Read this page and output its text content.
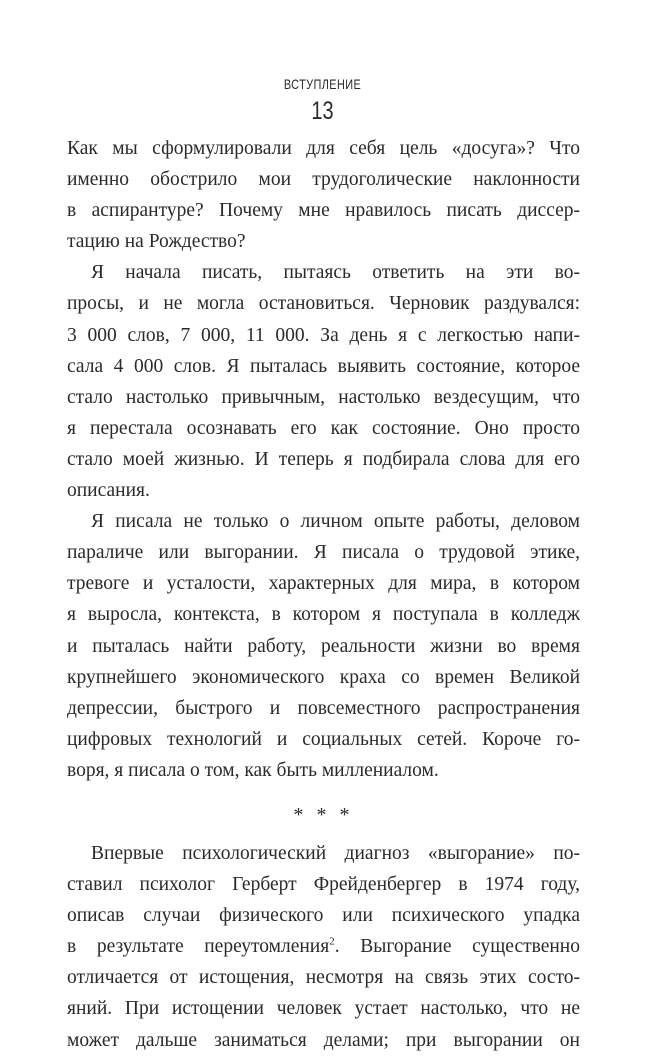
ВСТУПЛЕНИЕ
13
Как мы сформулировали для себя цель «досуга»? Что
именно обострило мои трудоголические наклонности
в аспирантуре? Почему мне нравилось писать диссер-
тацию на Рождество?
Я начала писать, пытаясь ответить на эти во-
просы, и не могла остановиться. Черновик раздувался:
3 000 слов, 7 000, 11 000. За день я с легкостью напи-
сала 4 000 слов. Я пыталась выявить состояние, которое
стало настолько привычным, настолько вездесущим, что
я перестала осознавать его как состояние. Оно просто
стало моей жизнью. И теперь я подбирала слова для его
описания.
Я писала не только о личном опыте работы, деловом
параличе или выгорании. Я писала о трудовой этике,
тревоге и усталости, характерных для мира, в котором
я выросла, контекста, в котором я поступала в колледж
и пыталась найти работу, реальности жизни во время
крупнейшего экономического краха со времен Великой
депрессии, быстрого и повсеместного распространения
цифровых технологий и социальных сетей. Короче го-
воря, я писала о том, как быть миллениалом.
* * *
Впервые психологический диагноз «выгорание» по-
ставил психолог Герберт Фрейденбергер в 1974 году,
описав случаи физического или психического упадка
в результате переутомления$^2$. Выгорание существенно
отличается от истощения, несмотря на связь этих состо-
яний. При истощении человек устает настолько, что не
может дальше заниматься делами; при выгорании он
